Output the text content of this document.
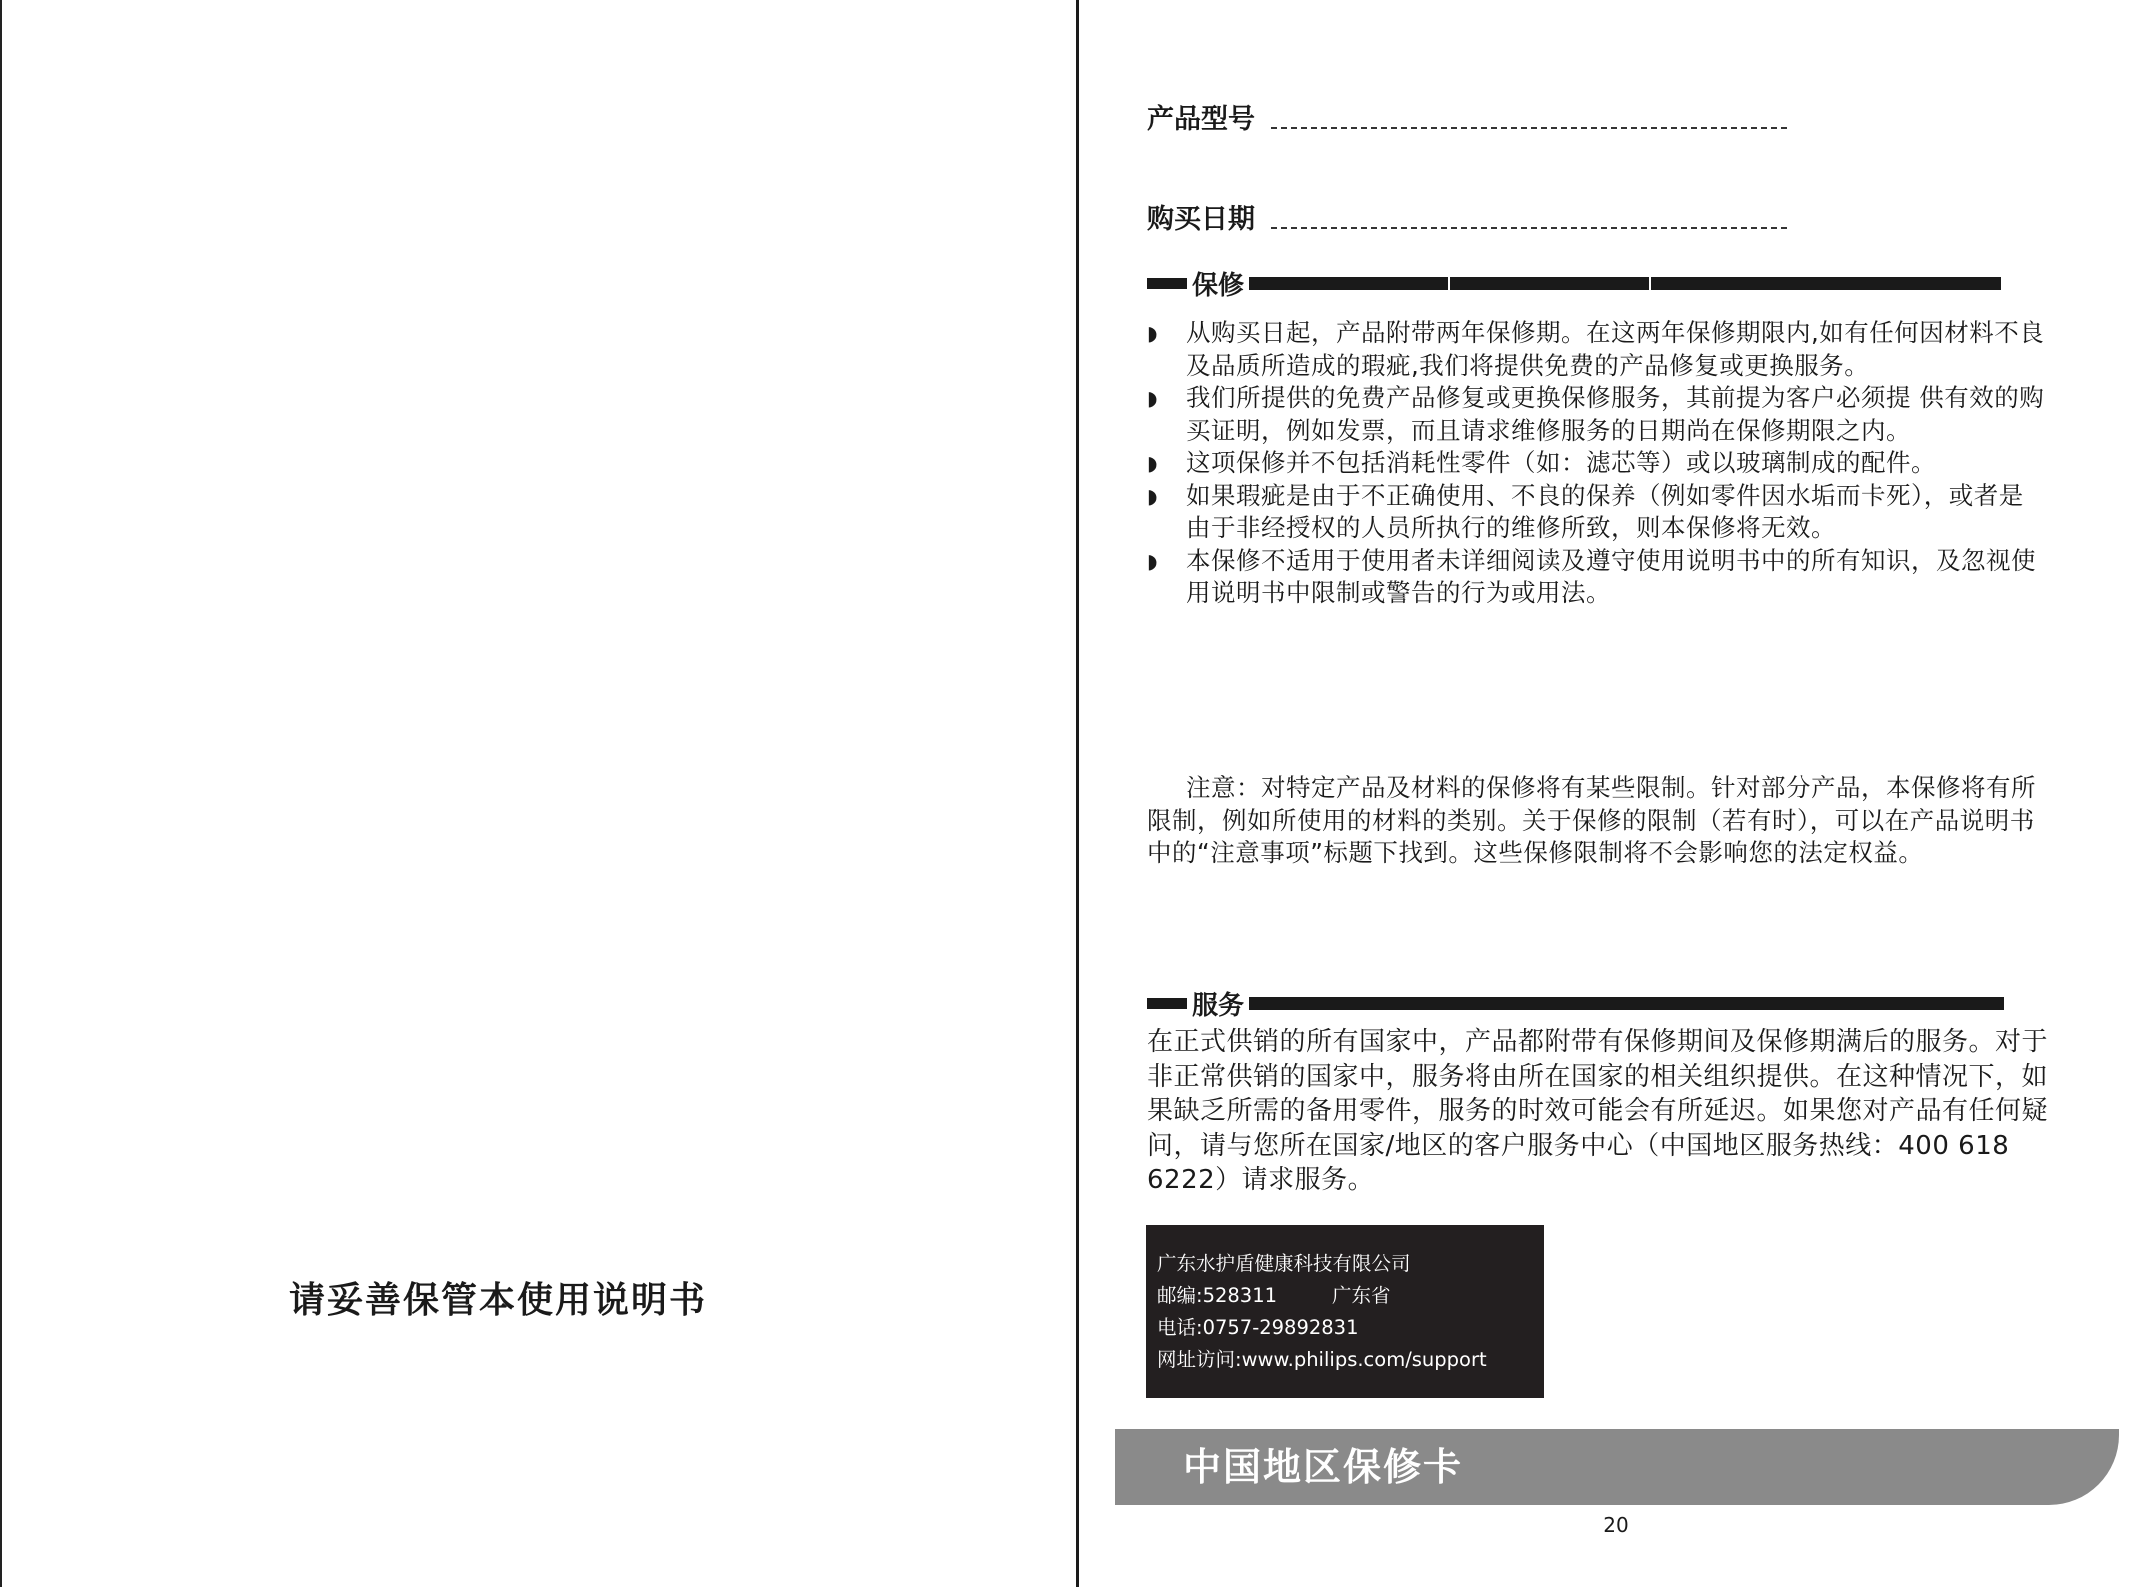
请妥善保管本使用说明书
产品型号
购买日期
保修
◗ 从购买日起，产品附带两年保修期。在这两年保修期限内,如有任何因材料不良及品质所造成的瑕疵,我们将提供免费的产品修复或更换服务。
◗ 我们所提供的免费产品修复或更换保修服务，其前提为客户必须提 供有效的购买证明，例如发票，而且请求维修服务的日期尚在保修期限之内。
◗ 这项保修并不包括消耗性零件（如：滤芯等）或以玻璃制成的配件。
◗ 如果瑕疵是由于不正确使用、不良的保养（例如零件因水垢而卡死），或者是由于非经授权的人员所执行的维修所致，则本保修将无效。
◗ 本保修不适用于使用者未详细阅读及遵守使用说明书中的所有知识，及忽视使用说明书中限制或警告的行为或用法。
注意：对特定产品及材料的保修将有某些限制。针对部分产品，本保修将有所限制，例如所使用的材料的类别。关于保修的限制（若有时），可以在产品说明书中的“注意事项”标题下找到。这些保修限制将不会影响您的法定权益。
服务
在正式供销的所有国家中，产品都附带有保修期间及保修期满后的服务。对于非正常供销的国家中，服务将由所在国家的相关组织提供。在这种情况下，如果缺乏所需的备用零件，服务的时效可能会有所延迟。如果您对产品有任何疑问，请与您所在国家/地区的客户服务中心（中国地区服务热线：400 618 6222）请求服务。
广东水护盾健康科技有限公司
邮编:528311	广东省
电话:0757-29892831
网址访问:www.philips.com/support
中国地区保修卡
20
